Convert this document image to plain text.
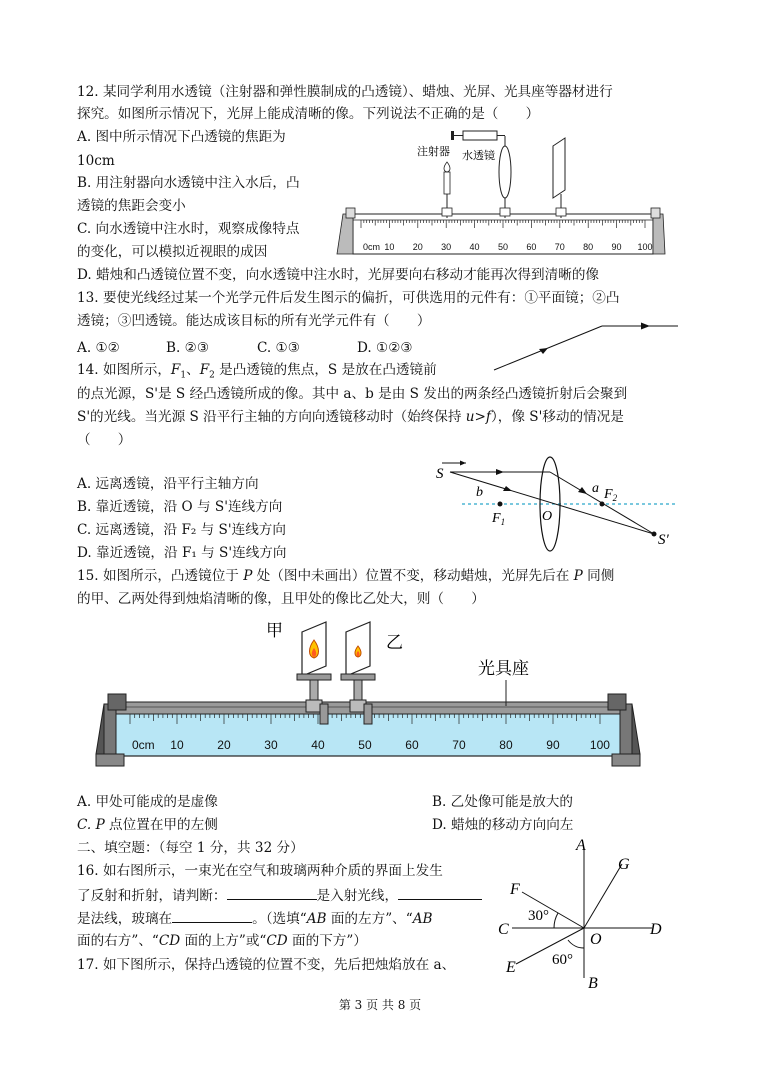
12. 某同学利用水透镜（注射器和弹性膜制成的凸透镜）、蜡烛、光屏、光具座等器材进行
探究。如图所示情况下，光屏上能成清晰的像。下列说法不正确的是（　　）
A. 图中所示情况下凸透镜的焦距为
10cm
B. 用注射器向水透镜中注入水后，凸
透镜的焦距会变小
C. 向水透镜中注水时，观察成像特点
的变化，可以模拟近视眼的成因
D. 蜡烛和凸透镜位置不变，向水透镜中注水时，光屏要向右移动才能再次得到清晰的像
0cm 10 20 30 40 50 60 70 80 90 100
注射器 水透镜
13. 要使光线经过某一个光学元件后发生图示的偏折，可供选用的元件有：①平面镜；②凸
透镜；③凹透镜。能达成该目标的所有光学元件有（　　）
A. ①②	B. ②③	C. ①③	D. ①②③
14. 如图所示，$F_1$、$F_2$ 是凸透镜的焦点，S 是放在凸透镜前
的点光源，S'是 S 经凸透镜所成的像。其中 a、b 是由 S 发出的两条经凸透镜折射后会聚到
S'的光线。当光源 S 沿平行主轴的方向向透镜移动时（始终保持 u>f），像 S'移动的情况是
（　　）
A. 远离透镜，沿平行主轴方向
B. 靠近透镜，沿 O 与 S'连线方向
C. 远离透镜，沿 F₂ 与 S'连线方向
D. 靠近透镜，沿 F₁ 与 S'连线方向
S
b	a
$F_1$
$F_2$
O
S′
15. 如图所示，凸透镜位于 P 处（图中未画出）位置不变，移动蜡烛，光屏先后在 P 同侧
的甲、乙两处得到烛焰清晰的像，且甲处的像比乙处大，则（　　）
0cm 10	20	30	40	50	60	70	80	90	100
甲
乙
光具座
A. 甲处可能成的是虚像	B. 乙处像可能是放大的
C. P 点位置在甲的左侧	D. 蜡烛的移动方向向左
二、填空题：（每空 1 分，共 32 分）
16. 如右图所示，一束光在空气和玻璃两种介质的界面上发生
了反射和折射，请判断：	是入射光线，
是法线，玻璃在	。（选填“AB 面的左方”、“AB
面的右方”、“CD 面的上方”或“CD 面的下方”）
17. 如下图所示，保持凸透镜的位置不变，先后把烛焰放在 a、
A
B
C	D
E
F
G
O
30°
60°
第 3 页 共 8 页
